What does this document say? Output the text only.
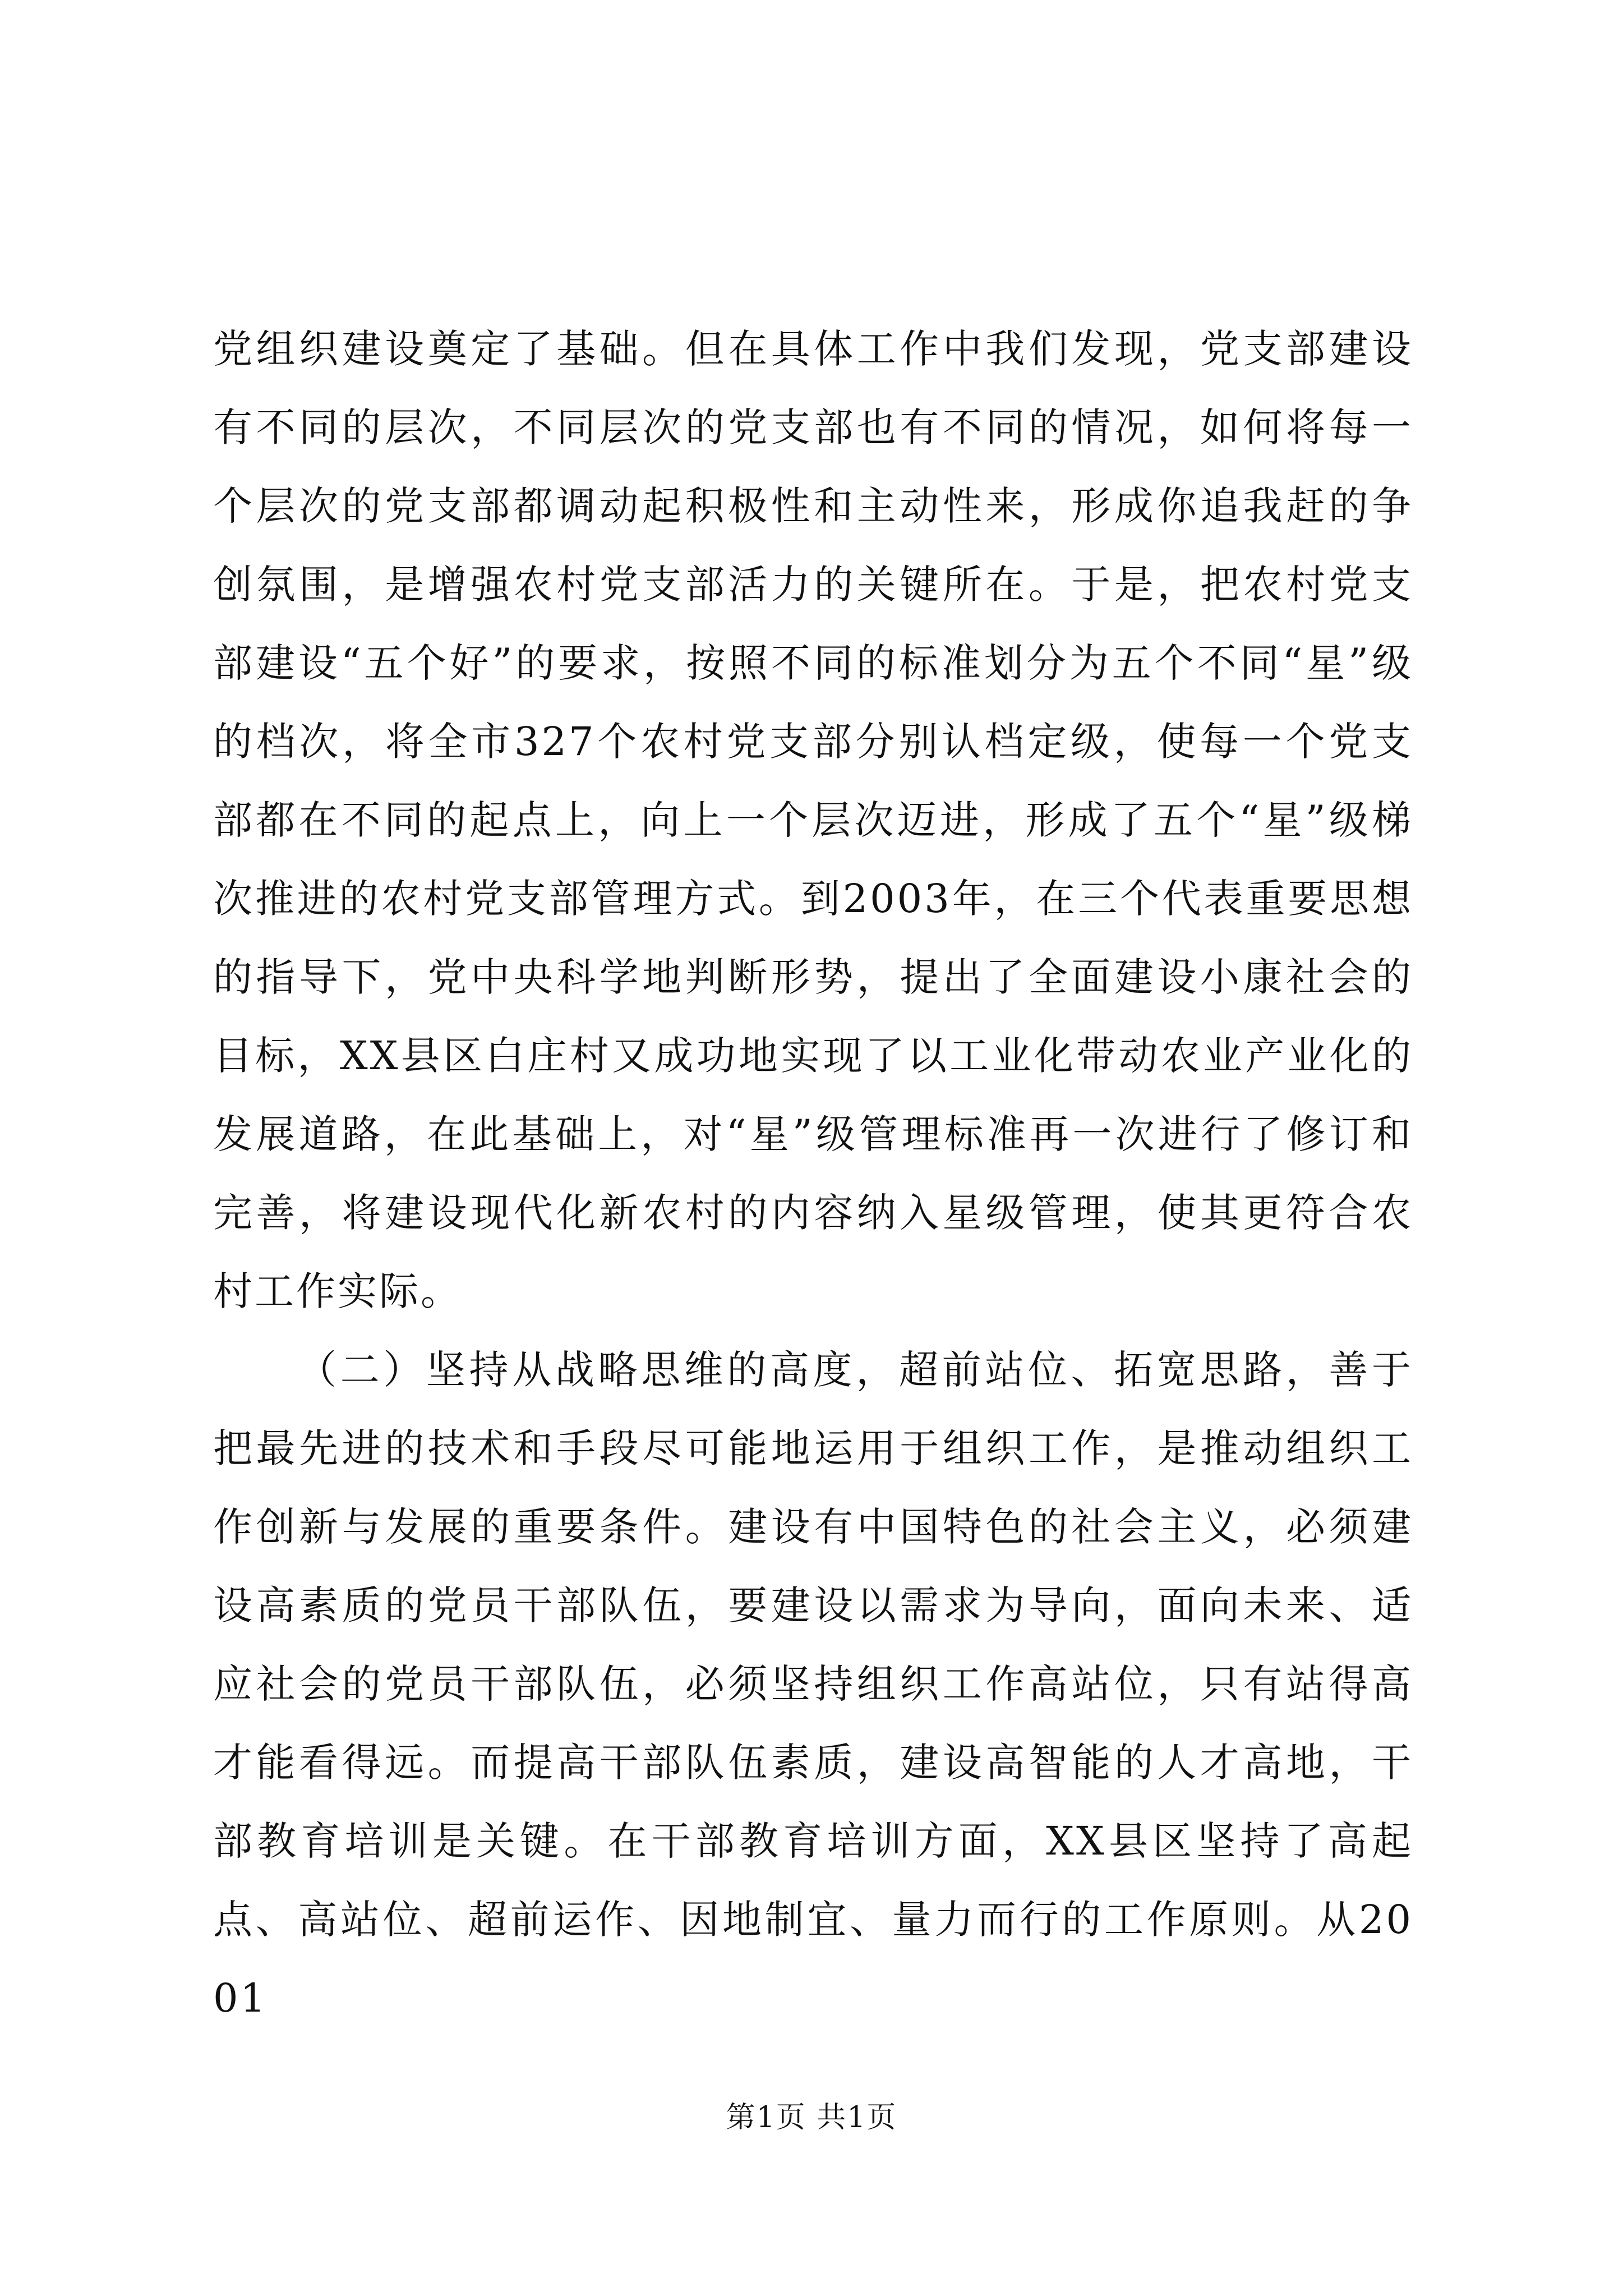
党组织建设奠定了基础。但在具体工作中我们发现，党支部建设有不同的层次，不同层次的党支部也有不同的情况，如何将每一个层次的党支部都调动起积极性和主动性来，形成你追我赶的争创氛围，是增强农村党支部活力的关键所在。于是，把农村党支部建设“五个好”的要求，按照不同的标准划分为五个不同“星”级的档次，将全市327个农村党支部分别认档定级，使每一个党支部都在不同的起点上，向上一个层次迈进，形成了五个“星”级梯次推进的农村党支部管理方式。到2003年，在三个代表重要思想的指导下，党中央科学地判断形势，提出了全面建设小康社会的目标，XX县区白庄村又成功地实现了以工业化带动农业产业化的发展道路，在此基础上，对“星”级管理标准再一次进行了修订和完善，将建设现代化新农村的内容纳入星级管理，使其更符合农村工作实际。

（二）坚持从战略思维的高度，超前站位、拓宽思路，善于把最先进的技术和手段尽可能地运用于组织工作，是推动组织工作创新与发展的重要条件。建设有中国特色的社会主义，必须建设高素质的党员干部队伍，要建设以需求为导向，面向未来、适应社会的党员干部队伍，必须坚持组织工作高站位，只有站得高才能看得远。而提高干部队伍素质，建设高智能的人才高地，干部教育培训是关键。在干部教育培训方面，XX县区坚持了高起点、高站位、超前运作、因地制宜、量力而行的工作原则。从2001

第1页 共1页
